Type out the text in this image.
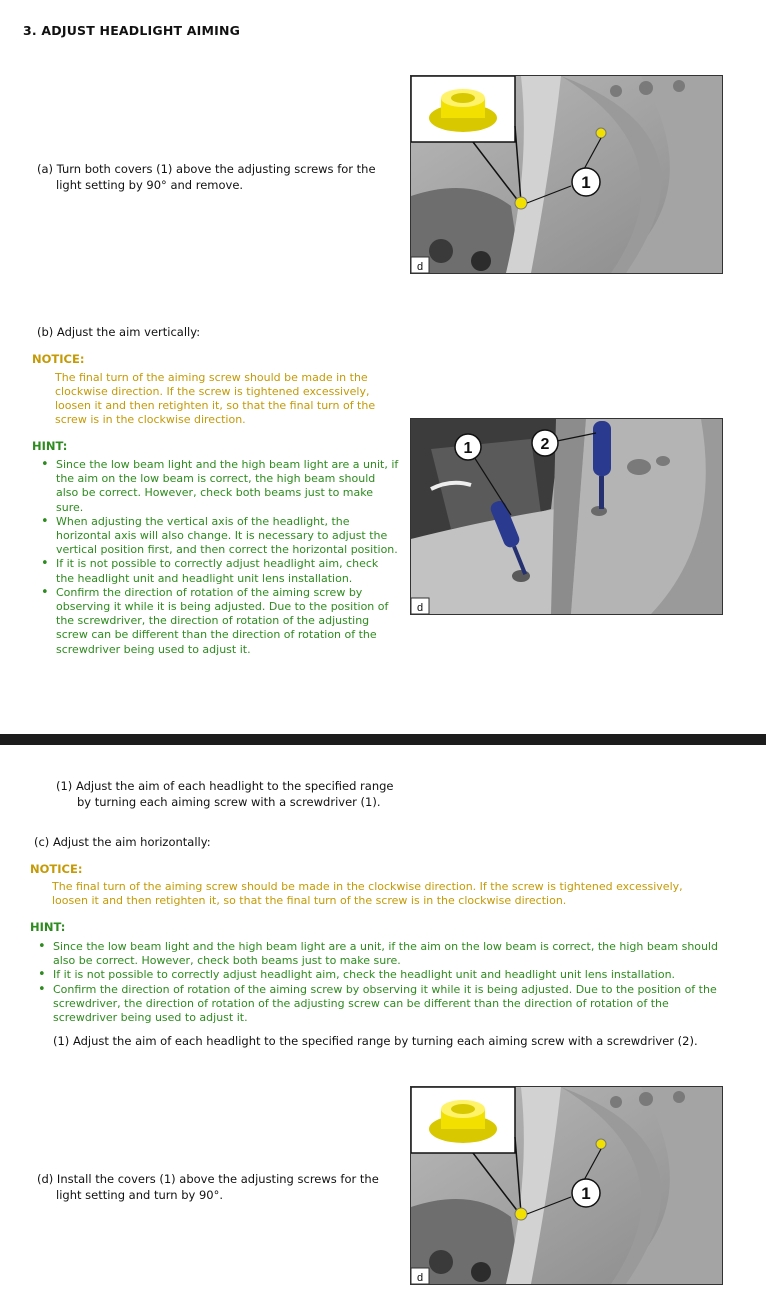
3. ADJUST HEADLIGHT AIMING
(a) Turn both covers (1) above the adjusting screws for the
light setting by 90° and remove.	1
d
(b) Adjust the aim vertically:
NOTICE:
The final turn of the aiming screw should be made in the
clockwise direction. If the screw is tightened excessively,
loosen it and then retighten it, so that the final turn of the
screw is in the clockwise direction.
HINT:
• Since the low beam light and the high beam light are a unit, if the aim on the low beam is correct, the high beam should also be correct. However, check both beams just to make sure.
• When adjusting the vertical axis of the headlight, the horizontal axis will also change. It is necessary to adjust the vertical position first, and then correct the horizontal position.
• If it is not possible to correctly adjust headlight aim, check the headlight unit and headlight unit lens installation.
• Confirm the direction of rotation of the aiming screw by observing it while it is being adjusted. Due to the position of the screwdriver, the direction of rotation of the adjusting screw can be different than the direction of rotation of the screwdriver being used to adjust it.
1	2
d
(1) Adjust the aim of each headlight to the specified range
by turning each aiming screw with a screwdriver (1).
(c) Adjust the aim horizontally:
NOTICE:
The final turn of the aiming screw should be made in the clockwise direction. If the screw is tightened excessively,
loosen it and then retighten it, so that the final turn of the screw is in the clockwise direction.
HINT:
• Since the low beam light and the high beam light are a unit, if the aim on the low beam is correct, the high beam should also be correct. However, check both beams just to make sure.
• If it is not possible to correctly adjust headlight aim, check the headlight unit and headlight unit lens installation.
• Confirm the direction of rotation of the aiming screw by observing it while it is being adjusted. Due to the position of the screwdriver, the direction of rotation of the adjusting screw can be different than the direction of rotation of the screwdriver being used to adjust it.
(1) Adjust the aim of each headlight to the specified range by turning each aiming screw with a screwdriver (2).
(d) Install the covers (1) above the adjusting screws for the
light setting and turn by 90°.	1
d
